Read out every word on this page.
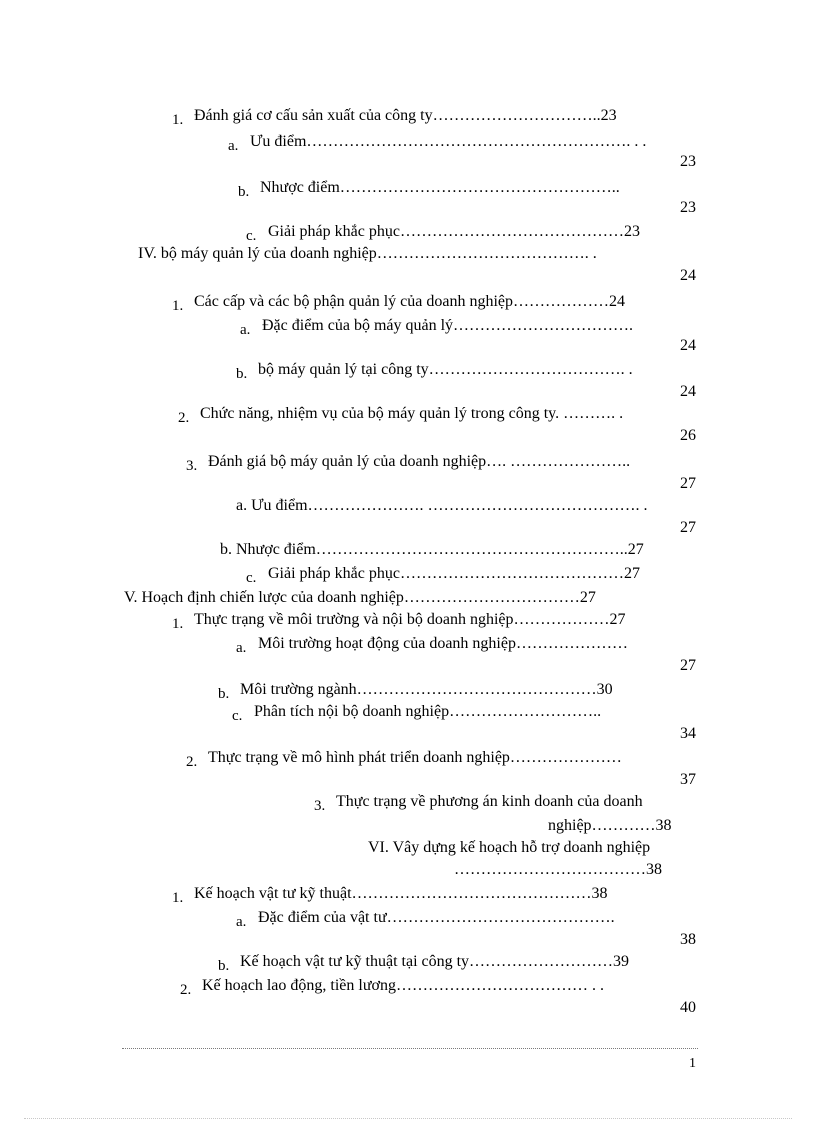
1. Đánh giá cơ cấu sản xuất của công ty…………………………..23
a. Ưu điểm……………………………………………………. . .
23
b. Nhược điểm……………………………………………..
23
c. Giải pháp khắc phục……………………………………23
IV. bộ máy quản lý của doanh nghiệp…………………………………. .
24
1. Các cấp và các bộ phận quản lý của doanh nghiệp………………24
a. Đặc điểm của bộ máy quản lý…………………………….
24
b. bộ máy quản lý tại công ty………………………………. .
24
2. Chức năng, nhiệm vụ của bộ máy quản lý trong công ty. ………. .
26
3. Đánh giá bộ máy quản lý của doanh nghiệp…. …………………..
27
a. Ưu điểm…………………. …………………………………. .
27
b. Nhược điểm…………………………………………………..27
c. Giải pháp khắc phục……………………………………27
V. Hoạch định chiến lược của doanh nghiệp……………………………27
1. Thực trạng về môi trường và nội bộ doanh nghiệp………………27
a. Môi trường hoạt động của doanh nghiệp…………………
27
b. Môi trường ngành………………………………………30
c. Phân tích nội bộ doanh nghiệp………………………..
34
2. Thực trạng về mô hình phát triển doanh nghiệp…………………
37
3. Thực trạng về phương án kinh doanh của doanh
nghiệp…………38
VI. Vây dựng kế hoạch hỗ trợ doanh nghiệp
………………………………38
1. Kế hoạch vật tư kỹ thuật………………………………………38
a. Đặc điểm của vật tư…………………………………….
38
b. Kế hoạch vật tư kỹ thuật tại công ty………………………39
2. Kế hoạch lao động, tiền lương……………………………… . .
40
1
